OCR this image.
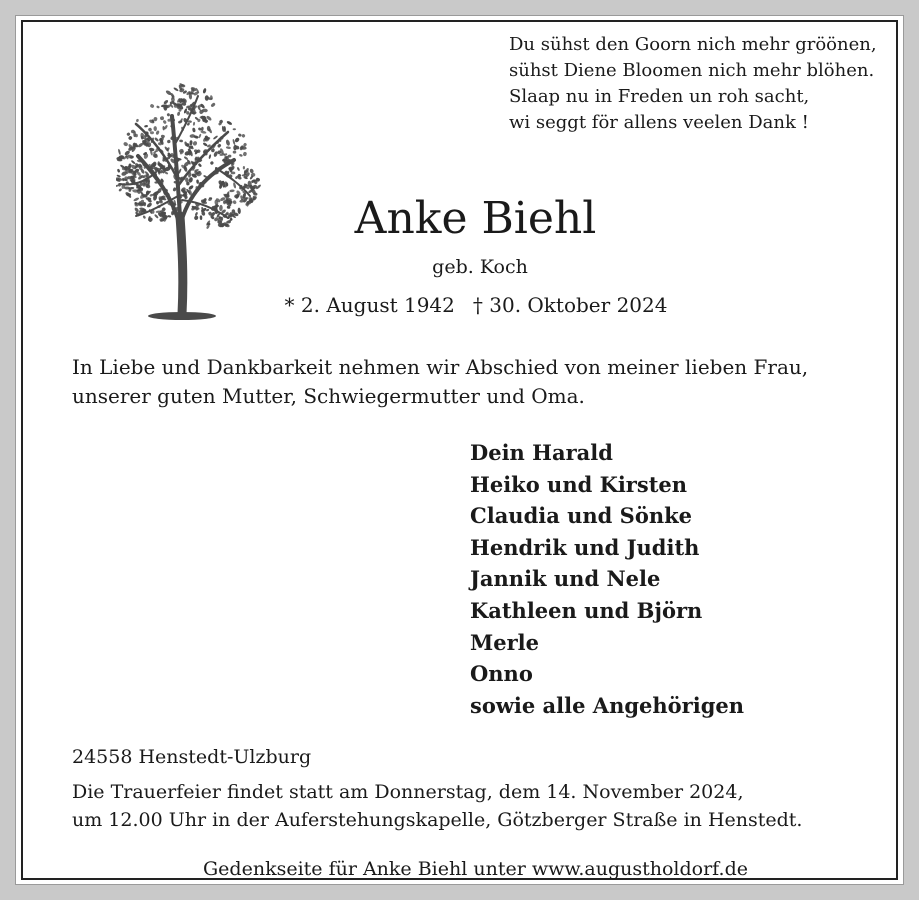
Du sühst den Goorn nich mehr gröönen,
sühst Diene Bloomen nich mehr blöhen.
Slaap nu in Freden un roh sacht,
wi seggt för allens veelen Dank !
Anke Biehl
geb. Koch
* 2. August 1942 † 30. Oktober 2024
In Liebe und Dankbarkeit nehmen wir Abschied von meiner lieben Frau,
unserer guten Mutter, Schwiegermutter und Oma.
Dein Harald
Heiko und Kirsten
Claudia und Sönke
Hendrik und Judith
Jannik und Nele
Kathleen und Björn
Merle
Onno
sowie alle Angehörigen
24558 Henstedt-Ulzburg
Die Trauerfeier findet statt am Donnerstag, dem 14. November 2024,
um 12.00 Uhr in der Auferstehungskapelle, Götzberger Straße in Henstedt.
Gedenkseite für Anke Biehl unter www.augustholdorf.de
